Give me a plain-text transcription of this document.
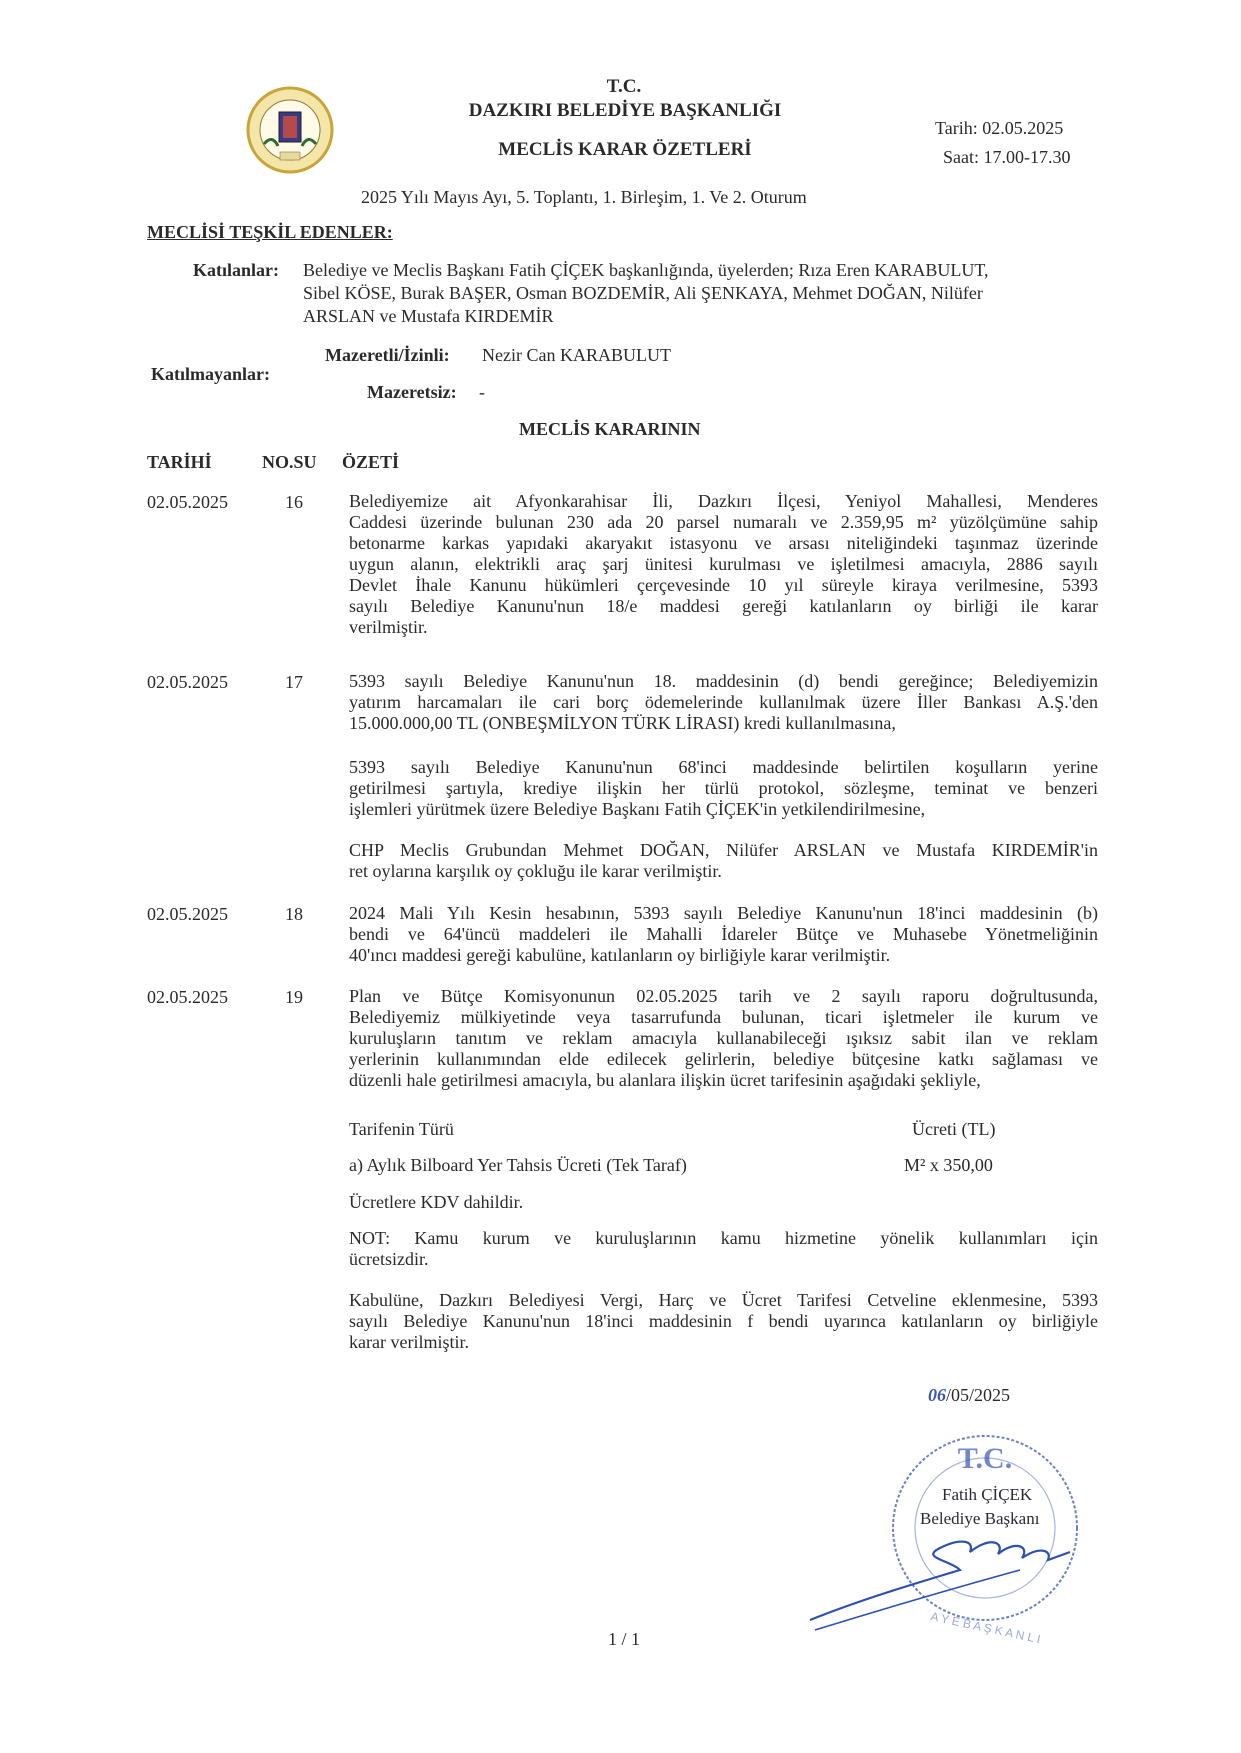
T.C.
DAZKIRI BELEDİYE BAŞKANLIĞI
MECLİS KARAR ÖZETLERİ
Tarih: 02.05.2025
Saat: 17.00-17.30
2025 Yılı Mayıs Ayı, 5. Toplantı, 1. Birleşim, 1. Ve 2. Oturum
MECLİSİ TEŞKİL EDENLER:
Katılanlar: Belediye ve Meclis Başkanı Fatih ÇİÇEK başkanlığında, üyelerden; Rıza Eren KARABULUT,
Sibel KÖSE, Burak BAŞER, Osman BOZDEMİR, Ali ŞENKAYA, Mehmet DOĞAN, Nilüfer
ARSLAN ve Mustafa KIRDEMİR
Katılmayanlar:
Mazeretli/İzinli: Nezir Can KARABULUT
Mazeretsiz: -
MECLİS KARARININ
TARİHİ	NO.SU ÖZETİ
02.05.2025	16	Belediyemize ait Afyonkarahisar İli, Dazkırı İlçesi, Yeniyol Mahallesi, Menderes
Caddesi üzerinde bulunan 230 ada 20 parsel numaralı ve 2.359,95 m² yüzölçümüne sahip
betonarme karkas yapıdaki akaryakıt istasyonu ve arsası niteliğindeki taşınmaz üzerinde
uygun alanın, elektrikli araç şarj ünitesi kurulması ve işletilmesi amacıyla, 2886 sayılı
Devlet İhale Kanunu hükümleri çerçevesinde 10 yıl süreyle kiraya verilmesine, 5393
sayılı Belediye Kanunu'nun 18/e maddesi gereği katılanların oy birliği ile karar
verilmiştir.
02.05.2025	17	5393 sayılı Belediye Kanunu'nun 18. maddesinin (d) bendi gereğince; Belediyemizin
yatırım harcamaları ile cari borç ödemelerinde kullanılmak üzere İller Bankası A.Ş.'den
15.000.000,00 TL (ONBEŞMİLYON TÜRK LİRASI) kredi kullanılmasına,
5393 sayılı Belediye Kanunu'nun 68'inci maddesinde belirtilen koşulların yerine
getirilmesi şartıyla, krediye ilişkin her türlü protokol, sözleşme, teminat ve benzeri
işlemleri yürütmek üzere Belediye Başkanı Fatih ÇİÇEK'in yetkilendirilmesine,
CHP Meclis Grubundan Mehmet DOĞAN, Nilüfer ARSLAN ve Mustafa KIRDEMİR'in
ret oylarına karşılık oy çokluğu ile karar verilmiştir.
02.05.2025	18	2024 Mali Yılı Kesin hesabının, 5393 sayılı Belediye Kanunu'nun 18'inci maddesinin (b)
bendi ve 64'üncü maddeleri ile Mahalli İdareler Bütçe ve Muhasebe Yönetmeliğinin
40'ıncı maddesi gereği kabulüne, katılanların oy birliğiyle karar verilmiştir.
02.05.2025	19	Plan ve Bütçe Komisyonunun 02.05.2025 tarih ve 2 sayılı raporu doğrultusunda,
Belediyemiz mülkiyetinde veya tasarrufunda bulunan, ticari işletmeler ile kurum ve
kuruluşların tanıtım ve reklam amacıyla kullanabileceği ışıksız sabit ilan ve reklam
yerlerinin kullanımından elde edilecek gelirlerin, belediye bütçesine katkı sağlaması ve
düzenli hale getirilmesi amacıyla, bu alanlara ilişkin ücret tarifesinin aşağıdaki şekliyle,
Tarifenin Türü	Ücreti (TL)
a) Aylık Bilboard Yer Tahsis Ücreti (Tek Taraf)	M² x 350,00
Ücretlere KDV dahildir.
NOT: Kamu kurum ve kuruluşlarının kamu hizmetine yönelik kullanımları için
ücretsizdir.
Kabulüne, Dazkırı Belediyesi Vergi, Harç ve Ücret Tarifesi Cetveline eklenmesine, 5393
sayılı Belediye Kanunu'nun 18'inci maddesinin f bendi uyarınca katılanların oy birliğiyle
karar verilmiştir.
06/05/2025
T.C.
A Y E B A Ş K A N L I
Fatih ÇİÇEK
Belediye Başkanı
1 / 1
